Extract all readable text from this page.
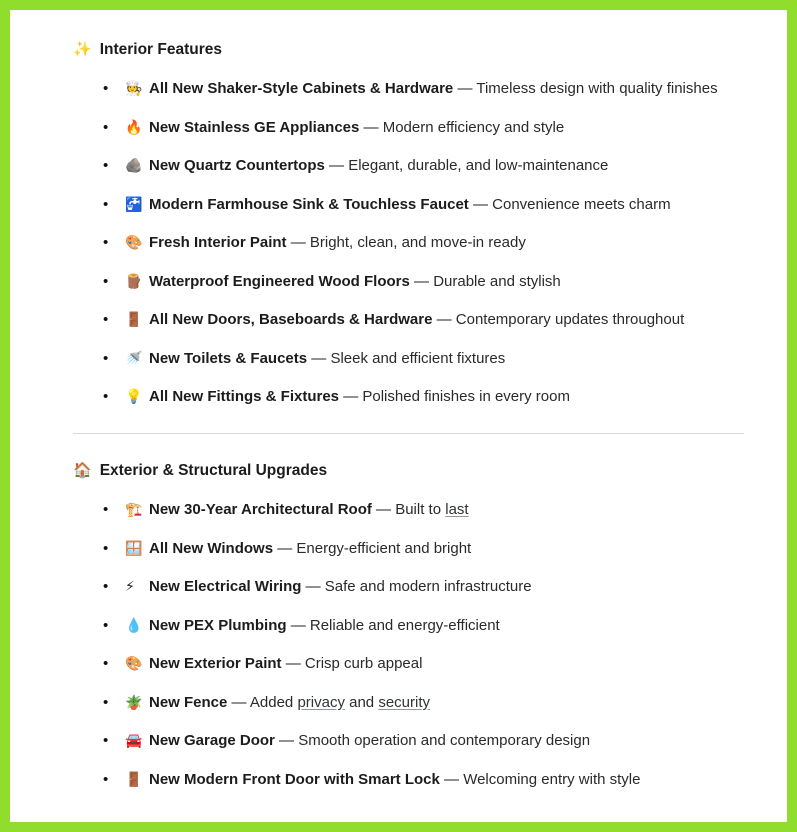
✨ Interior Features
•	🧑‍🍳 All New Shaker-Style Cabinets & Hardware — Timeless design with quality finishes
•	🔥 New Stainless GE Appliances — Modern efficiency and style
•	🪨 New Quartz Countertops — Elegant, durable, and low-maintenance
•	🚰 Modern Farmhouse Sink & Touchless Faucet — Convenience meets charm
•	🎨 Fresh Interior Paint — Bright, clean, and move-in ready
•	🪵 Waterproof Engineered Wood Floors — Durable and stylish
•	🚪 All New Doors, Baseboards & Hardware — Contemporary updates throughout
•	🚿 New Toilets & Faucets — Sleek and efficient fixtures
•	💡 All New Fittings & Fixtures — Polished finishes in every room
🏠 Exterior & Structural Upgrades
•	🏗️ New 30-Year Architectural Roof — Built to last
•	🪟 All New Windows — Energy-efficient and bright
•	⚡ New Electrical Wiring — Safe and modern infrastructure
•	💧 New PEX Plumbing — Reliable and energy-efficient
•	🎨 New Exterior Paint — Crisp curb appeal
•	🪴 New Fence — Added privacy and security
•	🚘 New Garage Door — Smooth operation and contemporary design
•	🚪 New Modern Front Door with Smart Lock — Welcoming entry with style
